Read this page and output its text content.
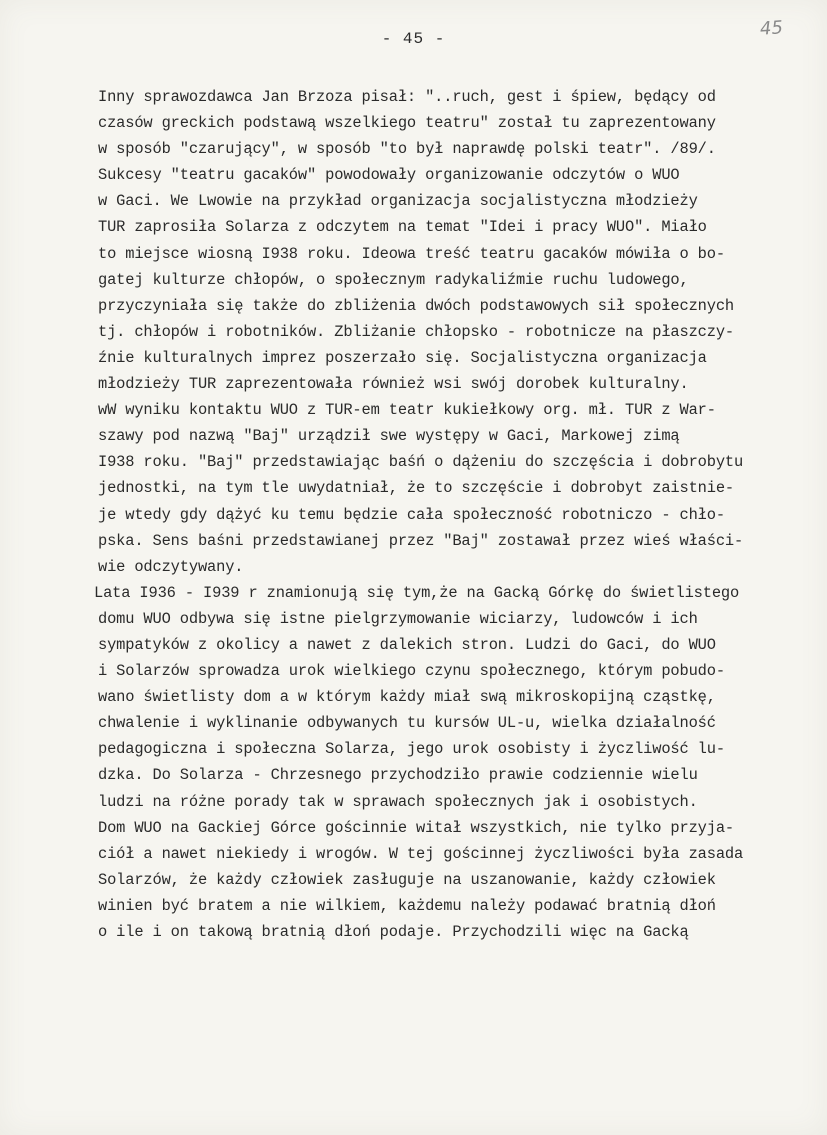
- 45 -	45
Inny sprawozdawca Jan Brzoza pisał: "..ruch, gest i śpiew, będący od
czasów greckich podstawą wszelkiego teatru" został tu zaprezentowany
w sposób "czarujący", w sposób "to był naprawdę polski teatr". /89/.
Sukcesy "teatru gacaków" powodowały organizowanie odczytów o WUO
w Gaci. We Lwowie na przykład organizacja socjalistyczna młodzieży
TUR zaprosiła Solarza z odczytem na temat "Idei i pracy WUO". Miało
to miejsce wiosną I938 roku. Ideowa treść teatru gacaków mówiła o bo-
gatej kulturze chłopów, o społecznym radykaliźmie ruchu ludowego,
przyczyniała się także do zbliżenia dwóch podstawowych sił społecznych
tj. chłopów i robotników. Zbliżanie chłopsko - robotnicze na płaszczy-
źnie kulturalnych imprez poszerzało się. Socjalistyczna organizacja
młodzieży TUR zaprezentowała również wsi swój dorobek kulturalny.
wW wyniku kontaktu WUO z TUR-em teatr kukiełkowy org. mł. TUR z War-
szawy pod nazwą "Baj" urządził swe występy w Gaci, Markowej zimą
I938 roku. "Baj" przedstawiając baśń o dążeniu do szczęścia i dobrobytu
jednostki, na tym tle uwydatniał, że to szczęście i dobrobyt zaistnie-
je wtedy gdy dążyć ku temu będzie cała społeczność robotniczo - chło-
pska. Sens baśni przedstawianej przez "Baj" zostawał przez wieś właści-
wie odczytywany.
Lata I936 - I939 r znamionują się tym,że na Gacką Górkę do świetlistego
domu WUO odbywa się istne pielgrzymowanie wiciarzy, ludowców i ich
sympatyków z okolicy a nawet z dalekich stron. Ludzi do Gaci, do WUO
i Solarzów sprowadza urok wielkiego czynu społecznego, którym pobudo-
wano świetlisty dom a w którym każdy miał swą mikroskopijną cząstkę,
chwalenie i wyklinanie odbywanych tu kursów UL-u, wielka działalność
pedagogiczna i społeczna Solarza, jego urok osobisty i życzliwość lu-
dzka. Do Solarza - Chrzesnego przychodziło prawie codziennie wielu
ludzi na różne porady tak w sprawach społecznych jak i osobistych.
Dom WUO na Gackiej Górce gościnnie witał wszystkich, nie tylko przyja-
ciół a nawet niekiedy i wrogów. W tej gościnnej życzliwości była zasada
Solarzów, że każdy człowiek zasługuje na uszanowanie, każdy człowiek
winien być bratem a nie wilkiem, każdemu należy podawać bratnią dłoń
o ile i on takową bratnią dłoń podaje. Przychodzili więc na Gacką
